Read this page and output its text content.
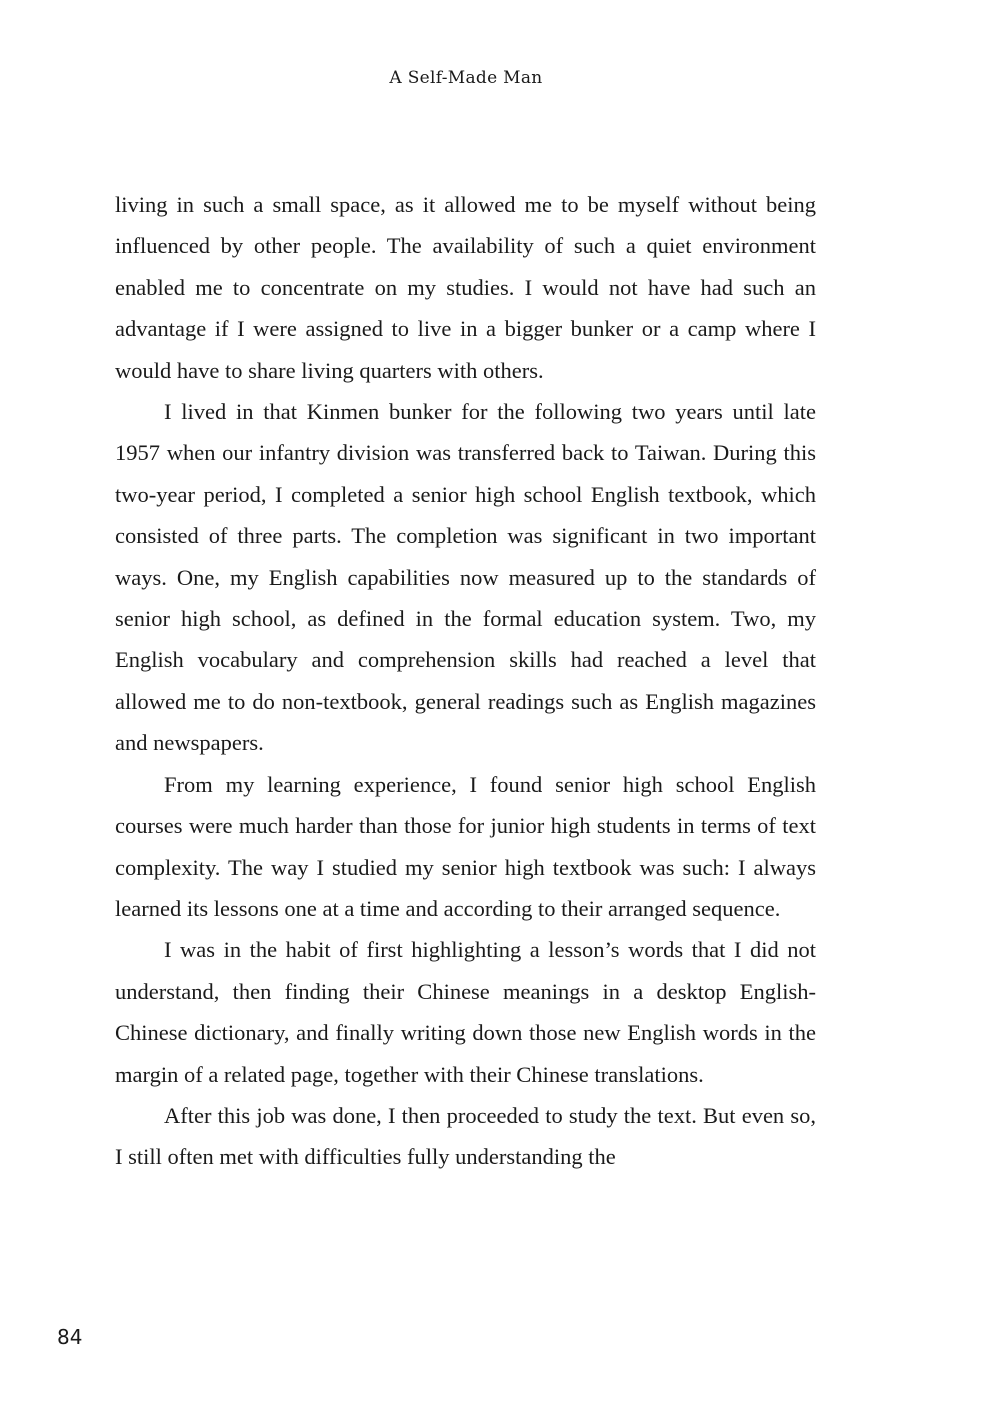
A Self-Made Man

living in such a small space, as it allowed me to be myself without being influenced by other people. The availability of such a quiet environment enabled me to concentrate on my studies. I would not have had such an advantage if I were assigned to live in a bigger bunker or a camp where I would have to share living quarters with others.

I lived in that Kinmen bunker for the following two years until late 1957 when our infantry division was transferred back to Taiwan. During this two-year period, I completed a senior high school English textbook, which consisted of three parts. The completion was significant in two important ways. One, my English capabilities now measured up to the standards of senior high school, as defined in the formal education system. Two, my English vocabulary and comprehension skills had reached a level that allowed me to do non-textbook, general readings such as English magazines and newspapers.

From my learning experience, I found senior high school English courses were much harder than those for junior high students in terms of text complexity. The way I studied my senior high textbook was such: I always learned its lessons one at a time and according to their arranged sequence.

I was in the habit of first highlighting a lesson’s words that I did not understand, then finding their Chinese meanings in a desktop English-Chinese dictionary, and finally writing down those new English words in the margin of a related page, together with their Chinese translations.

After this job was done, I then proceeded to study the text. But even so, I still often met with difficulties fully understanding the

84
